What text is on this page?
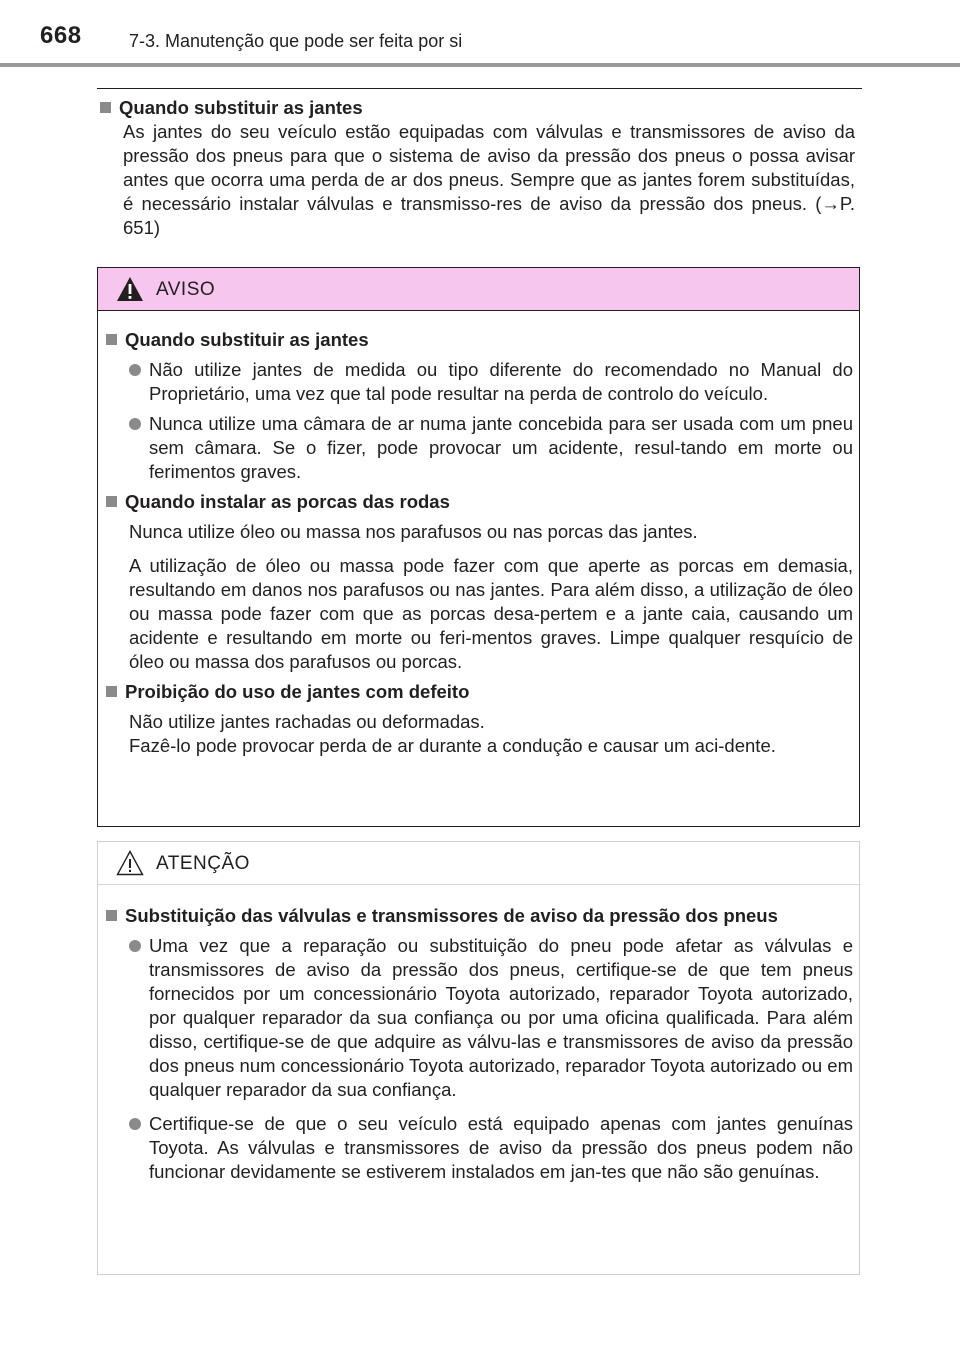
668	7-3. Manutenção que pode ser feita por si
Quando substituir as jantes
As jantes do seu veículo estão equipadas com válvulas e transmissores de aviso da pressão dos pneus para que o sistema de aviso da pressão dos pneus o possa avisar antes que ocorra uma perda de ar dos pneus. Sempre que as jantes forem substituídas, é necessário instalar válvulas e transmisso-res de aviso da pressão dos pneus. (→P. 651)
AVISO
Quando substituir as jantes
Não utilize jantes de medida ou tipo diferente do recomendado no Manual do Proprietário, uma vez que tal pode resultar na perda de controlo do veículo.
Nunca utilize uma câmara de ar numa jante concebida para ser usada com um pneu sem câmara. Se o fizer, pode provocar um acidente, resul-tando em morte ou ferimentos graves.
Quando instalar as porcas das rodas
Nunca utilize óleo ou massa nos parafusos ou nas porcas das jantes.
A utilização de óleo ou massa pode fazer com que aperte as porcas em demasia, resultando em danos nos parafusos ou nas jantes. Para além disso, a utilização de óleo ou massa pode fazer com que as porcas desa-pertem e a jante caia, causando um acidente e resultando em morte ou feri-mentos graves. Limpe qualquer resquício de óleo ou massa dos parafusos ou porcas.
Proibição do uso de jantes com defeito
Não utilize jantes rachadas ou deformadas.
Fazê-lo pode provocar perda de ar durante a condução e causar um aci-dente.
ATENÇÃO
Substituição das válvulas e transmissores de aviso da pressão dos pneus
Uma vez que a reparação ou substituição do pneu pode afetar as válvulas e transmissores de aviso da pressão dos pneus, certifique-se de que tem pneus fornecidos por um concessionário Toyota autorizado, reparador Toyota autorizado, por qualquer reparador da sua confiança ou por uma oficina qualificada. Para além disso, certifique-se de que adquire as válvu-las e transmissores de aviso da pressão dos pneus num concessionário Toyota autorizado, reparador Toyota autorizado ou em qualquer reparador da sua confiança.
Certifique-se de que o seu veículo está equipado apenas com jantes genuínas Toyota. As válvulas e transmissores de aviso da pressão dos pneus podem não funcionar devidamente se estiverem instalados em jan-tes que não são genuínas.
